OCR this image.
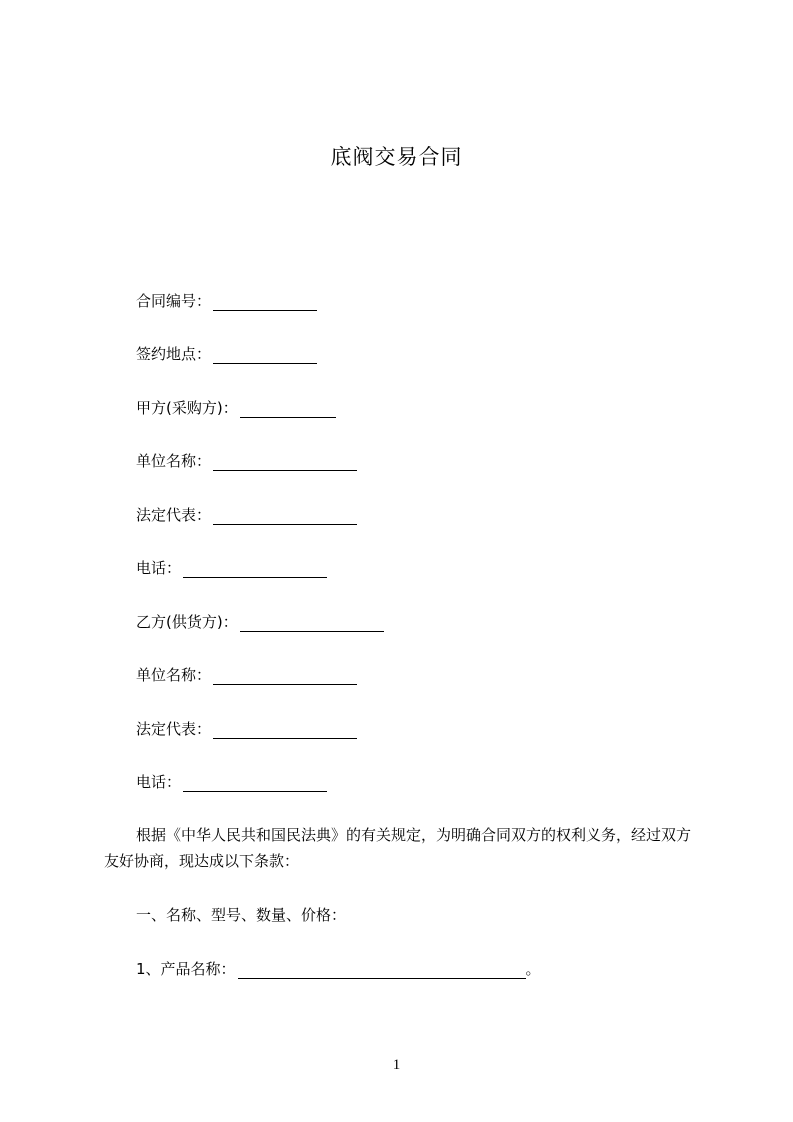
底阀交易合同
合同编号：
签约地点：
甲方(采购方)：
单位名称：
法定代表：
电话：
乙方(供货方)：
单位名称：
法定代表：
电话：
根据《中华人民共和国民法典》的有关规定，为明确合同双方的权利义务，经过双方友好协商，现达成以下条款：
一、名称、型号、数量、价格：
1、产品名称：	。
1
